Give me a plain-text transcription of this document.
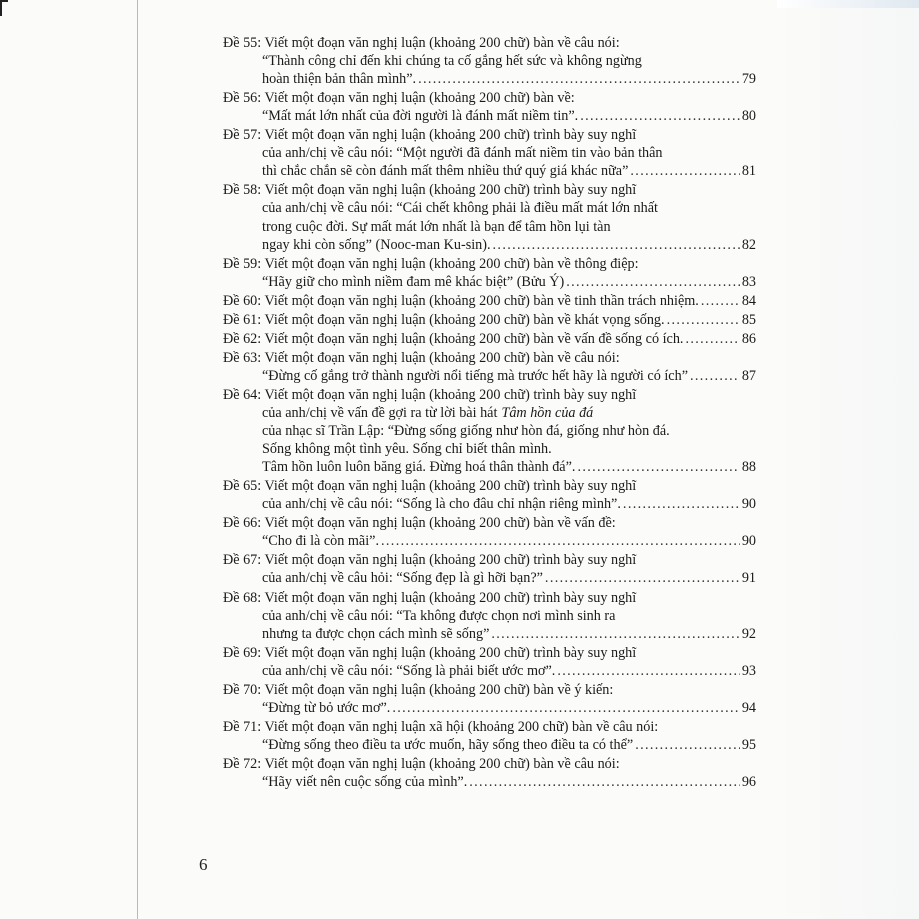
Đề 55: Viết một đoạn văn nghị luận (khoảng 200 chữ) bàn về câu nói:
“Thành công chỉ đến khi chúng ta cố gắng hết sức và không ngừng
hoàn thiện bản thân mình”. . . .	79
Đề 56: Viết một đoạn văn nghị luận (khoảng 200 chữ) bàn về:
“Mất mát lớn nhất của đời người là đánh mất niềm tin”. . . .	80
Đề 57: Viết một đoạn văn nghị luận (khoảng 200 chữ) trình bày suy nghĩ
của anh/chị về câu nói: “Một người đã đánh mất niềm tin vào bản thân
thì chắc chắn sẽ còn đánh mất thêm nhiều thứ quý giá khác nữa” . . .	81
Đề 58: Viết một đoạn văn nghị luận (khoảng 200 chữ) trình bày suy nghĩ
của anh/chị về câu nói: “Cái chết không phải là điều mất mát lớn nhất
trong cuộc đời. Sự mất mát lớn nhất là bạn để tâm hồn lụi tàn
ngay khi còn sống” (Nooc-man Ku-sin). . . .	82
Đề 59: Viết một đoạn văn nghị luận (khoảng 200 chữ) bàn về thông điệp:
“Hãy giữ cho mình niềm đam mê khác biệt” (Bửu Ý) . . .	83
Đề 60: Viết một đoạn văn nghị luận (khoảng 200 chữ) bàn về tinh thần trách nhiệm. . . .	84
Đề 61: Viết một đoạn văn nghị luận (khoảng 200 chữ) bàn về khát vọng sống. . . .	85
Đề 62: Viết một đoạn văn nghị luận (khoảng 200 chữ) bàn về vấn đề sống có ích. . . .	86
Đề 63: Viết một đoạn văn nghị luận (khoảng 200 chữ) bàn về câu nói:
“Đừng cố gắng trở thành người nổi tiếng mà trước hết hãy là người có ích” . . .	87
Đề 64: Viết một đoạn văn nghị luận (khoảng 200 chữ) trình bày suy nghĩ
của anh/chị về vấn đề gợi ra từ lời bài hát Tâm hồn của đá
của nhạc sĩ Trần Lập: “Đừng sống giống như hòn đá, giống như hòn đá.
Sống không một tình yêu. Sống chỉ biết thân mình.
Tâm hồn luôn luôn băng giá. Đừng hoá thân thành đá”. . . .	88
Đề 65: Viết một đoạn văn nghị luận (khoảng 200 chữ) trình bày suy nghĩ
của anh/chị về câu nói: “Sống là cho đâu chỉ nhận riêng mình”. . . .	90
Đề 66: Viết một đoạn văn nghị luận (khoảng 200 chữ) bàn về vấn đề:
“Cho đi là còn mãi”. . . .	90
Đề 67: Viết một đoạn văn nghị luận (khoảng 200 chữ) trình bày suy nghĩ
của anh/chị về câu hỏi: “Sống đẹp là gì hỡi bạn?” . . .	91
Đề 68: Viết một đoạn văn nghị luận (khoảng 200 chữ) trình bày suy nghĩ
của anh/chị về câu nói: “Ta không được chọn nơi mình sinh ra
nhưng ta được chọn cách mình sẽ sống” . . .	92
Đề 69: Viết một đoạn văn nghị luận (khoảng 200 chữ) trình bày suy nghĩ
của anh/chị về câu nói: “Sống là phải biết ước mơ”. . . .	93
Đề 70: Viết một đoạn văn nghị luận (khoảng 200 chữ) bàn về ý kiến:
“Đừng từ bỏ ước mơ”. . . .	94
Đề 71: Viết một đoạn văn nghị luận xã hội (khoảng 200 chữ) bàn về câu nói:
“Đừng sống theo điều ta ước muốn, hãy sống theo điều ta có thể” . . .	95
Đề 72: Viết một đoạn văn nghị luận (khoảng 200 chữ) bàn về câu nói:
“Hãy viết nên cuộc sống của mình”. . . .	96
6
